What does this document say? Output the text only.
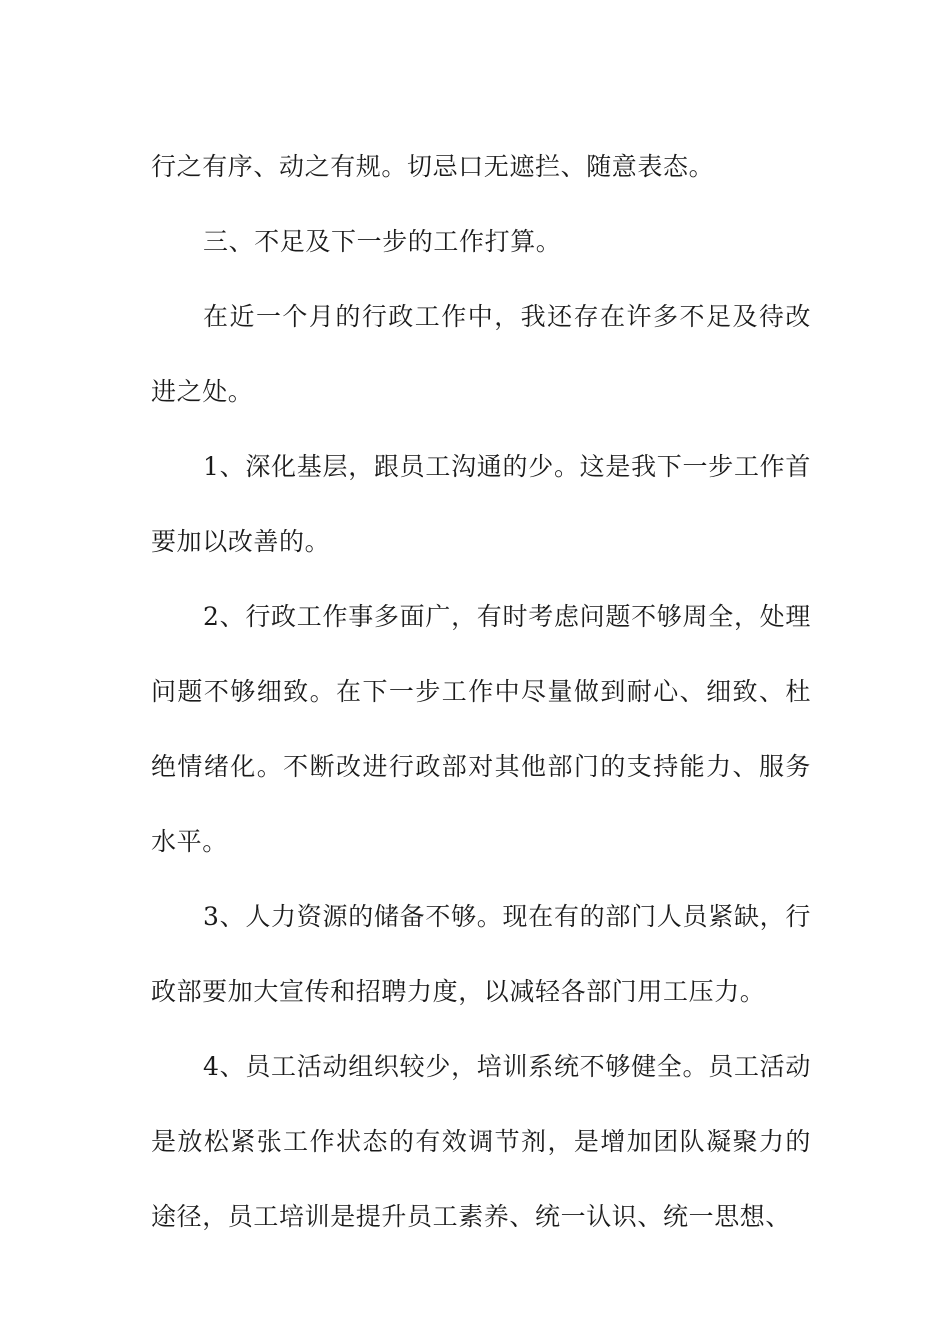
行之有序、动之有规。切忌口无遮拦、随意表态。

三、不足及下一步的工作打算。

在近一个月的行政工作中，我还存在许多不足及待改进之处。

1、深化基层，跟员工沟通的少。这是我下一步工作首要加以改善的。

2、行政工作事多面广，有时考虑问题不够周全，处理问题不够细致。在下一步工作中尽量做到耐心、细致、杜绝情绪化。不断改进行政部对其他部门的支持能力、服务水平。

3、人力资源的储备不够。现在有的部门人员紧缺，行政部要加大宣传和招聘力度，以减轻各部门用工压力。

4、员工活动组织较少，培训系统不够健全。员工活动是放松紧张工作状态的有效调节剂，是增加团队凝聚力的途径，员工培训是提升员工素养、统一认识、统一思想、
